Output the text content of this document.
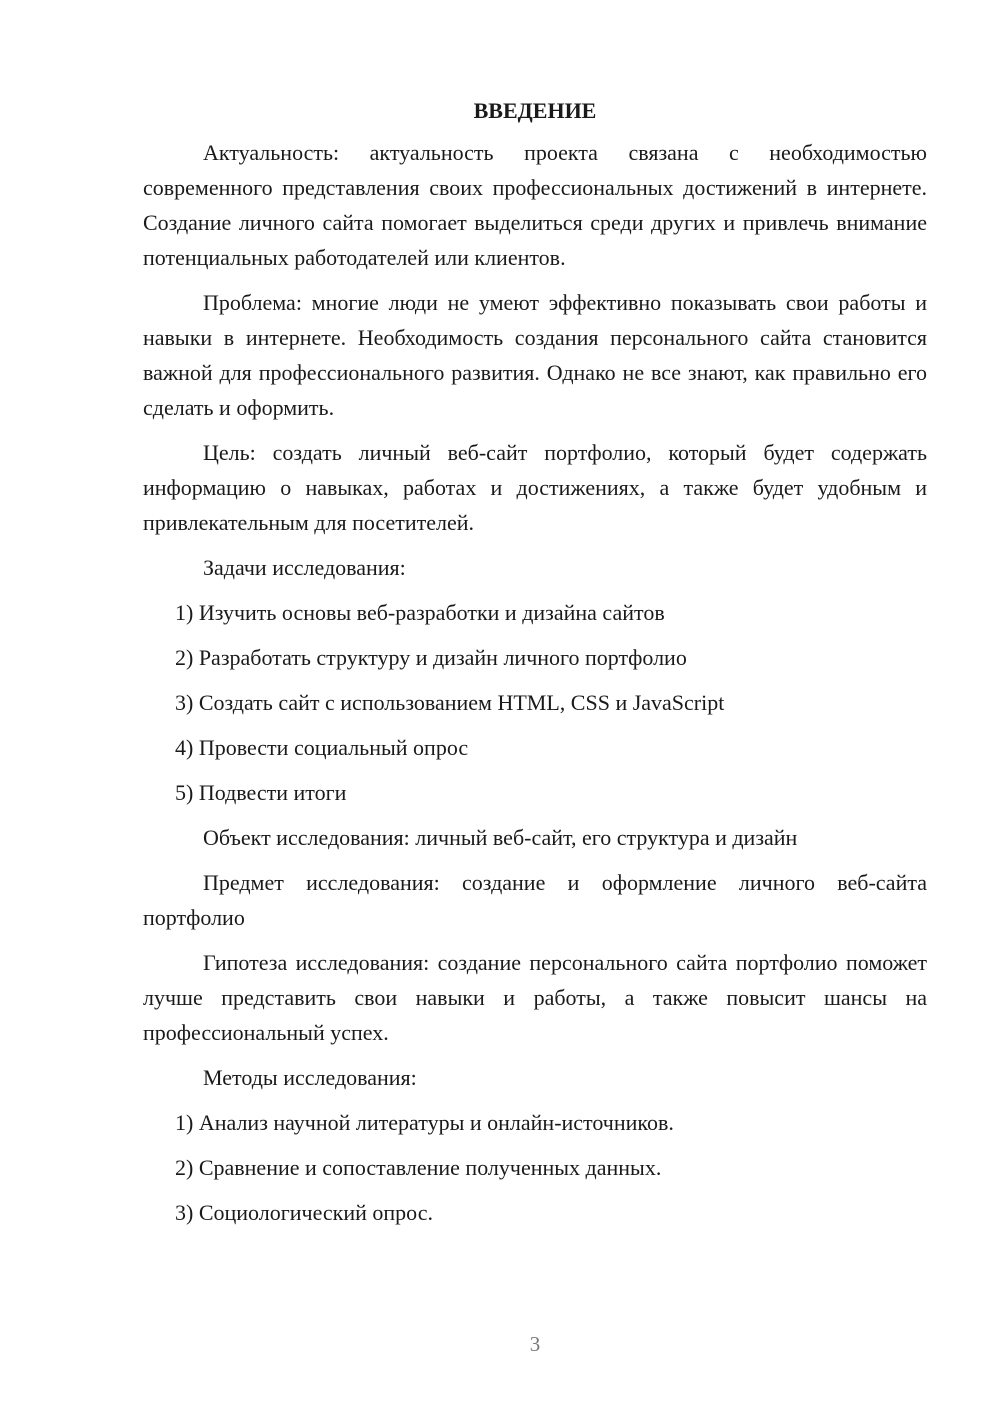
ВВЕДЕНИЕ

Актуальность: актуальность проекта связана с необходимостью современного представления своих профессиональных достижений в интернете. Создание личного сайта помогает выделиться среди других и привлечь внимание потенциальных работодателей или клиентов.

Проблема: многие люди не умеют эффективно показывать свои работы и навыки в интернете. Необходимость создания персонального сайта становится важной для профессионального развития. Однако не все знают, как правильно его сделать и оформить.

Цель: создать личный веб-сайт портфолио, который будет содержать информацию о навыках, работах и достижениях, а также будет удобным и привлекательным для посетителей.

Задачи исследования:

1) Изучить основы веб-разработки и дизайна сайтов

2) Разработать структуру и дизайн личного портфолио

3) Создать сайт с использованием HTML, CSS и JavaScript

4) Провести социальный опрос

5) Подвести итоги

Объект исследования: личный веб-сайт, его структура и дизайн

Предмет исследования: создание и оформление личного веб-сайта портфолио

Гипотеза исследования: создание персонального сайта портфолио поможет лучше представить свои навыки и работы, а также повысит шансы на профессиональный успех.

Методы исследования:

1) Анализ научной литературы и онлайн-источников.

2) Сравнение и сопоставление полученных данных.

3) Социологический опрос.

3
